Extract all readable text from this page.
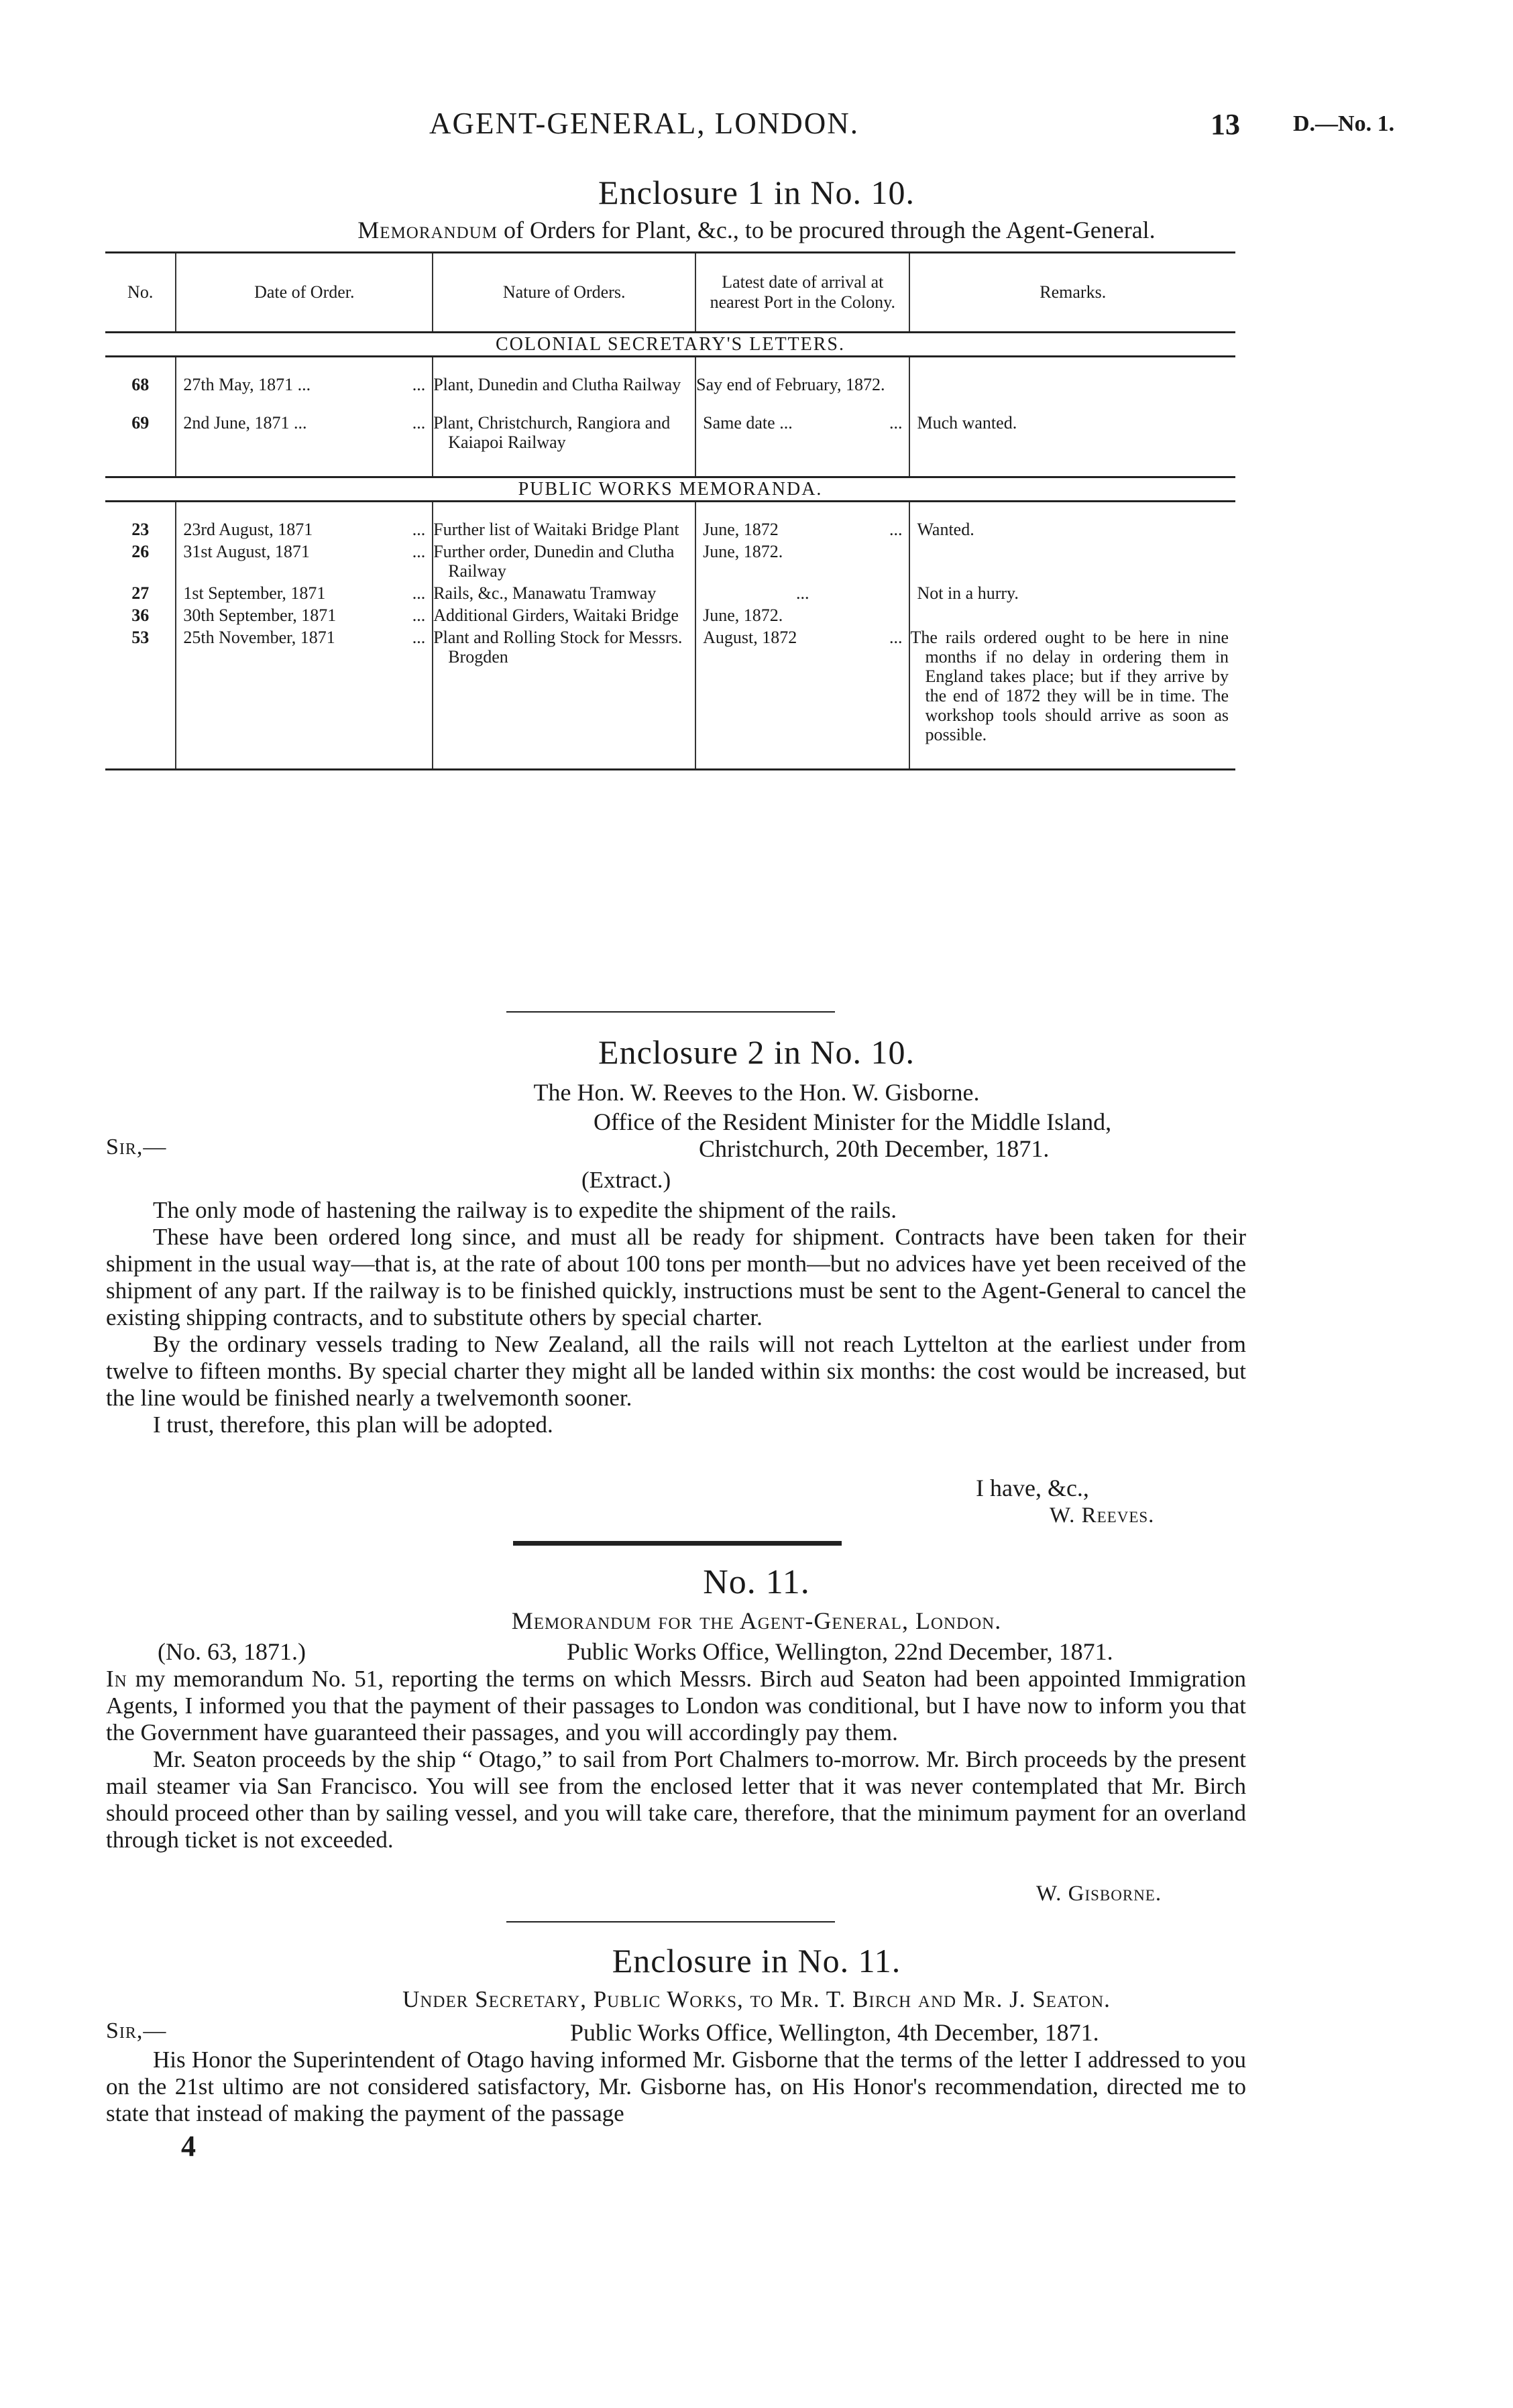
AGENT-GENERAL, LONDON.	13 D.—No. 1.
Enclosure 1 in No. 10.
Memorandum of Orders for Plant, &c., to be procured through the Agent-General.
No.	Date of Order.	Nature of Orders.	Latest date of arrival at nearest Port in the Colony.	Remarks.
COLONIAL SECRETARY'S LETTERS.				

68	27th May, 1871 ... ...	Plant, Dunedin and Clutha Railway	Say end of February, 1872.	

69	2nd June, 1871 ... ...	Plant, Christchurch, Rangiora and Kaiapoi Railway	Same date ... ...	Much wanted.

PUBLIC WORKS MEMORANDA.				

23	23rd August, 1871 ...	Further list of Waitaki Bridge Plant	June, 1872 ...	Wanted.
26	31st August, 1871 ...	Further order, Dunedin and Clutha Railway	June, 1872.	
27	1st September, 1871 ...	Rails, &c., Manawatu Tramway	...	Not in a hurry.
36	30th September, 1871 ...	Additional Girders, Waitaki Bridge	June, 1872.	
53	25th November, 1871 ...	Plant and Rolling Stock for Messrs. Brogden	August, 1872 ...	The rails ordered ought to be here in nine months if no delay in ordering them in England takes place; but if they arrive by the end of 1872 they will be in time. The workshop tools should arrive as soon as possible.

Enclosure 2 in No. 10.
The Hon. W. Reeves to the Hon. W. Gisborne.
Office of the Resident Minister for the Middle Island,
Sir,—	Christchurch, 20th December, 1871.
(Extract.)

The only mode of hastening the railway is to expedite the shipment of the rails.

These have been ordered long since, and must all be ready for shipment. Contracts have been taken for their shipment in the usual way—that is, at the rate of about 100 tons per month—but no advices have yet been received of the shipment of any part. If the railway is to be finished quickly, instructions must be sent to the Agent-General to cancel the existing shipping contracts, and to substitute others by special charter.

By the ordinary vessels trading to New Zealand, all the rails will not reach Lyttelton at the earliest under from twelve to fifteen months. By special charter they might all be landed within six months: the cost would be increased, but the line would be finished nearly a twelvemonth sooner.

I trust, therefore, this plan will be adopted.

I have, &c.,
W. Reeves.
No. 11.
Memorandum for the Agent-General, London.
(No. 63, 1871.)	Public Works Office, Wellington, 22nd December, 1871.

In my memorandum No. 51, reporting the terms on which Messrs. Birch aud Seaton had been appointed Immigration Agents, I informed you that the payment of their passages to London was conditional, but I have now to inform you that the Government have guaranteed their passages, and you will accordingly pay them.

Mr. Seaton proceeds by the ship “ Otago,” to sail from Port Chalmers to-morrow. Mr. Birch proceeds by the present mail steamer via San Francisco. You will see from the enclosed letter that it was never contemplated that Mr. Birch should proceed other than by sailing vessel, and you will take care, therefore, that the minimum payment for an overland through ticket is not exceeded.

W. Gisborne.
Enclosure in No. 11.
Under Secretary, Public Works, to Mr. T. Birch and Mr. J. Seaton.
Sir,—	Public Works Office, Wellington, 4th December, 1871.

His Honor the Superintendent of Otago having informed Mr. Gisborne that the terms of the letter I addressed to you on the 21st ultimo are not considered satisfactory, Mr. Gisborne has, on His Honor's recommendation, directed me to state that instead of making the payment of the passage

4
